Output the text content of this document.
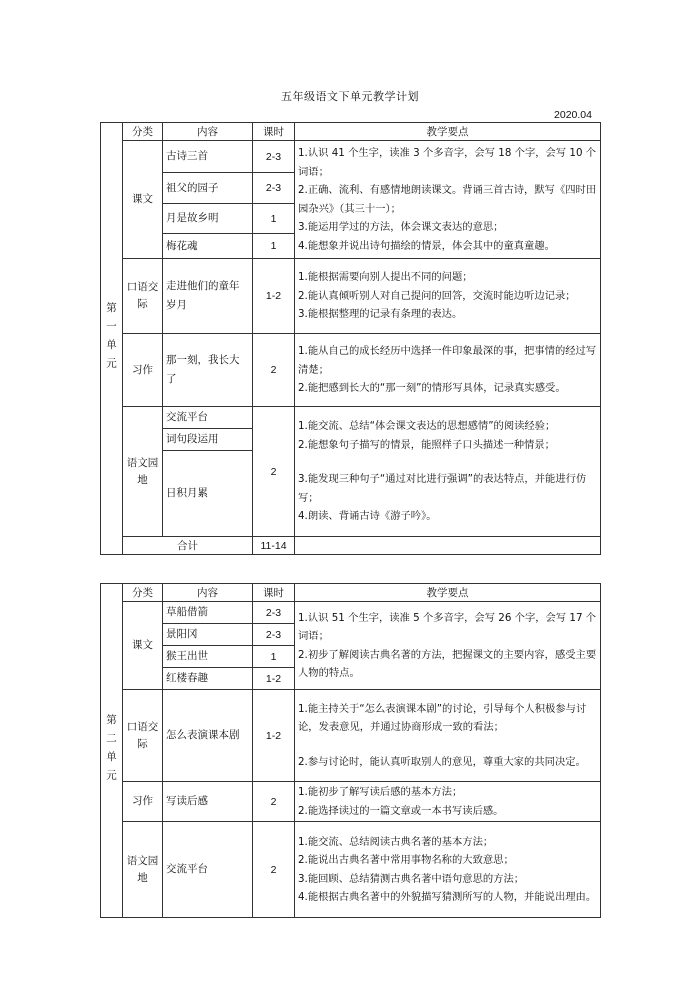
五年级语文下单元教学计划
2020.04
第一单元	分类	内容	课时	教学要点
	课文	古诗三首	2-3	1.认识 41 个生字，读准 3 个多音字，会写 18 个字，会写 10 个词语；
2.正确、流利、有感情地朗读课文。背诵三首古诗，默写《四时田园杂兴》（其三十一）；
3.能运用学过的方法，体会课文表达的意思；
4.能想象并说出诗句描绘的情景，体会其中的童真童趣。

		祖父的园子	2-3	
		月是故乡明	1	
		梅花魂	1	
	口语交际	走进他们的童年岁月	1-2	1.能根据需要向别人提出不同的问题；
2.能认真倾听别人对自己提问的回答，交流时能边听边记录；
3.能根据整理的记录有条理的表达。

	习作	那一刻，我长大了	2	1.能从自己的成长经历中选择一件印象最深的事，把事情的经过写清楚；
2.能把感到长大的“那一刻”的情形写具体，记录真实感受。

	语文园地	交流平台	2	1.能交流、总结“体会课文表达的思想感情”的阅读经验；
2.能想象句子描写的情景，能照样子口头描述一种情景；
3.能发现三种句子“通过对比进行强调”的表达特点，并能进行仿写；
4.朗读、背诵古诗《游子吟》。

		词句段运用		
		日积月累		
	合计		11-14	
第二单元	分类	内容	课时	教学要点
	课文	草船借箭	2-3	1.认识 51 个生字，读准 5 个多音字，会写 26 个字，会写 17 个词语；
2.初步了解阅读古典名著的方法，把握课文的主要内容，感受主要人物的特点。

		景阳冈	2-3	
		猴王出世	1	
		红楼春趣	1-2	
	口语交际	怎么表演课本剧	1-2	1.能主持关于“怎么表演课本剧”的讨论，引导每个人积极参与讨论，发表意见，并通过协商形成一致的看法；
2.参与讨论时，能认真听取别人的意见，尊重大家的共同决定。

	习作	写读后感	2	1.能初步了解写读后感的基本方法；
2.能选择读过的一篇文章或一本书写读后感。

	语文园地	交流平台	2	1.能交流、总结阅读古典名著的基本方法；
2.能说出古典名著中常用事物名称的大致意思；
3.能回顾、总结猜测古典名著中语句意思的方法；
4.能根据古典名著中的外貌描写猜测所写的人物，并能说出理由。
